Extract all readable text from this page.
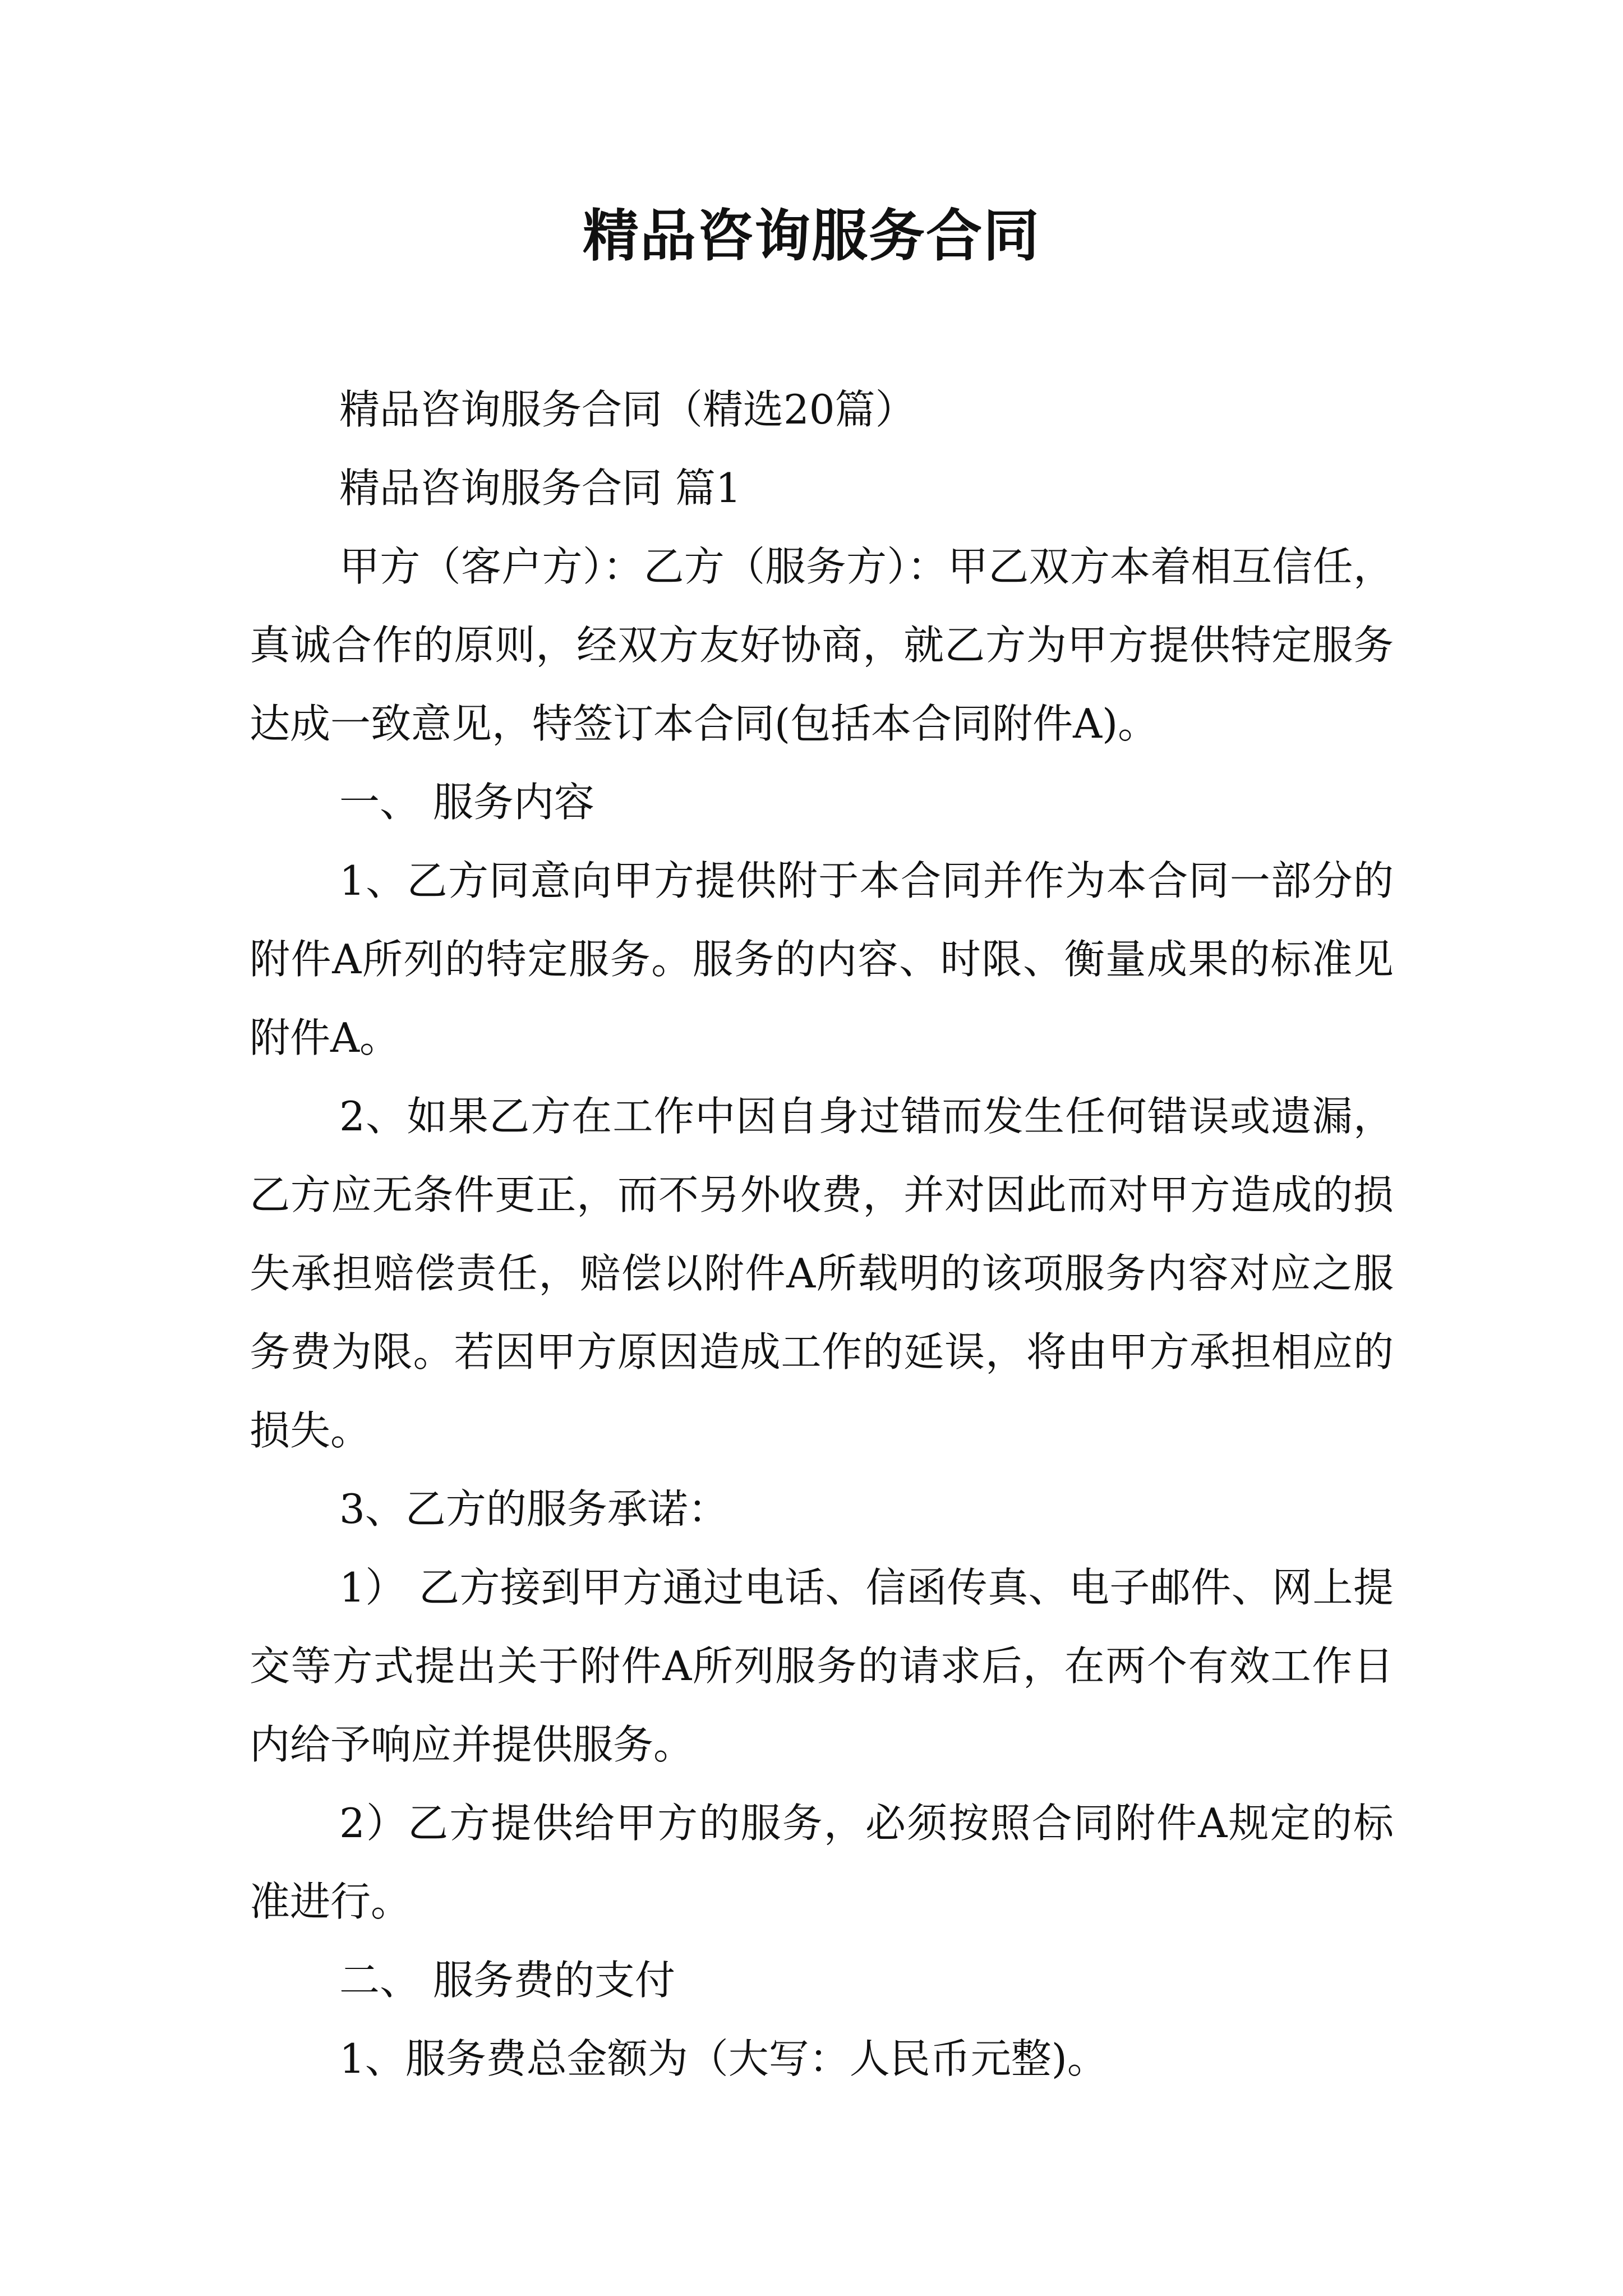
精品咨询服务合同

精品咨询服务合同（精选20篇）

精品咨询服务合同 篇1

甲方（客户方）：乙方（服务方）：甲乙双方本着相互信任，真诚合作的原则，经双方友好协商，就乙方为甲方提供特定服务达成一致意见，特签订本合同(包括本合同附件A)。

一、 服务内容

1、乙方同意向甲方提供附于本合同并作为本合同一部分的附件A所列的特定服务。服务的内容、时限、衡量成果的标准见附件A。

2、如果乙方在工作中因自身过错而发生任何错误或遗漏，乙方应无条件更正，而不另外收费，并对因此而对甲方造成的损失承担赔偿责任，赔偿以附件A所载明的该项服务内容对应之服务费为限。若因甲方原因造成工作的延误，将由甲方承担相应的损失。

3、乙方的服务承诺：

1） 乙方接到甲方通过电话、信函传真、电子邮件、网上提交等方式提出关于附件A所列服务的请求后，在两个有效工作日内给予响应并提供服务。

2）乙方提供给甲方的服务，必须按照合同附件A规定的标准进行。

二、 服务费的支付

1、服务费总金额为（大写：人民币元整)。
